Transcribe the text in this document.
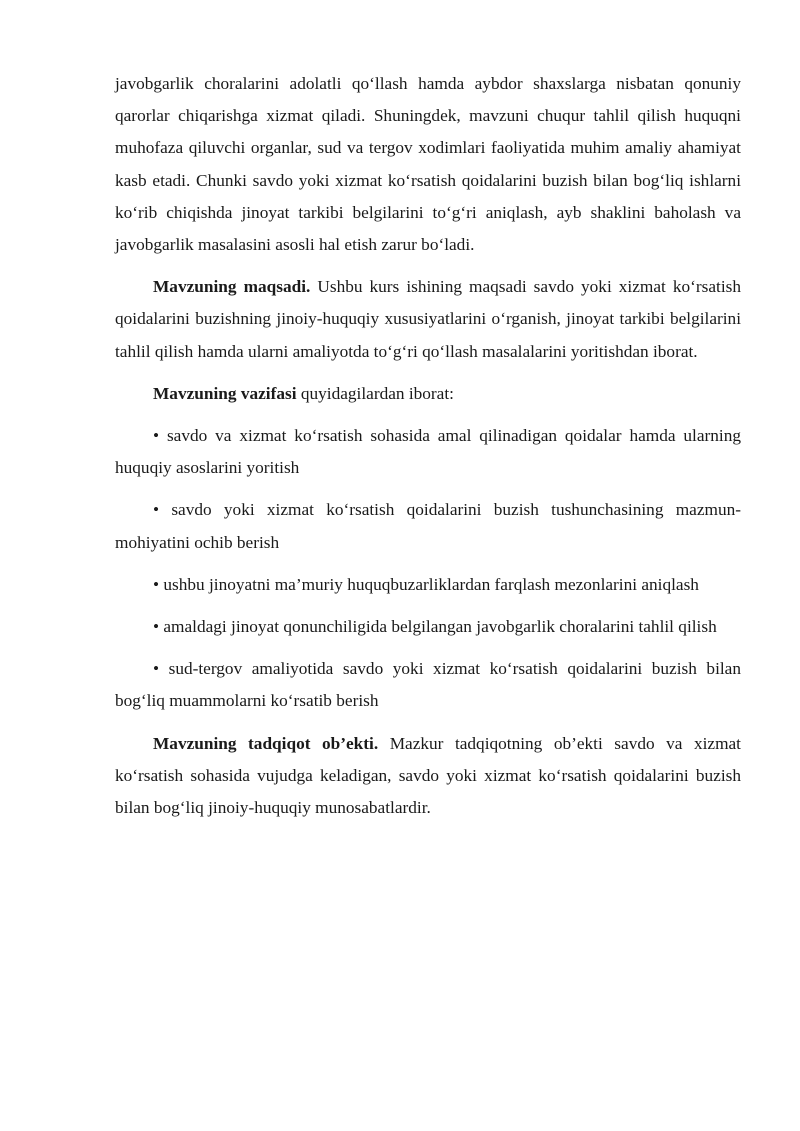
javobgarlik choralarini adolatli qo‘llash hamda aybdor shaxslarga nisbatan qonuniy qarorlar chiqarishga xizmat qiladi. Shuningdek, mavzuni chuqur tahlil qilish huquqni muhofaza qiluvchi organlar, sud va tergov xodimlari faoliyatida muhim amaliy ahamiyat kasb etadi. Chunki savdo yoki xizmat ko‘rsatish qoidalarini buzish bilan bog‘liq ishlarni ko‘rib chiqishda jinoyat tarkibi belgilarini to‘g‘ri aniqlash, ayb shaklini baholash va javobgarlik masalasini asosli hal etish zarur bo‘ladi.

Mavzuning maqsadi. Ushbu kurs ishining maqsadi savdo yoki xizmat ko‘rsatish qoidalarini buzishning jinoiy-huquqiy xususiyatlarini o‘rganish, jinoyat tarkibi belgilarini tahlil qilish hamda ularni amaliyotda to‘g‘ri qo‘llash masalalarini yoritishdan iborat.

Mavzuning vazifasi quyidagilardan iborat:

• savdo va xizmat ko‘rsatish sohasida amal qilinadigan qoidalar hamda ularning huquqiy asoslarini yoritish

• savdo yoki xizmat ko‘rsatish qoidalarini buzish tushunchasining mazmun-mohiyatini ochib berish

• ushbu jinoyatni ma’muriy huquqbuzarliklardan farqlash mezonlarini aniqlash

• amaldagi jinoyat qonunchiligida belgilangan javobgarlik choralarini tahlil qilish

• sud-tergov amaliyotida savdo yoki xizmat ko‘rsatish qoidalarini buzish bilan bog‘liq muammolarni ko‘rsatib berish

Mavzuning tadqiqot ob’ekti. Mazkur tadqiqotning ob’ekti savdo va xizmat ko‘rsatish sohasida vujudga keladigan, savdo yoki xizmat ko‘rsatish qoidalarini buzish bilan bog‘liq jinoiy-huquqiy munosabatlardir.
